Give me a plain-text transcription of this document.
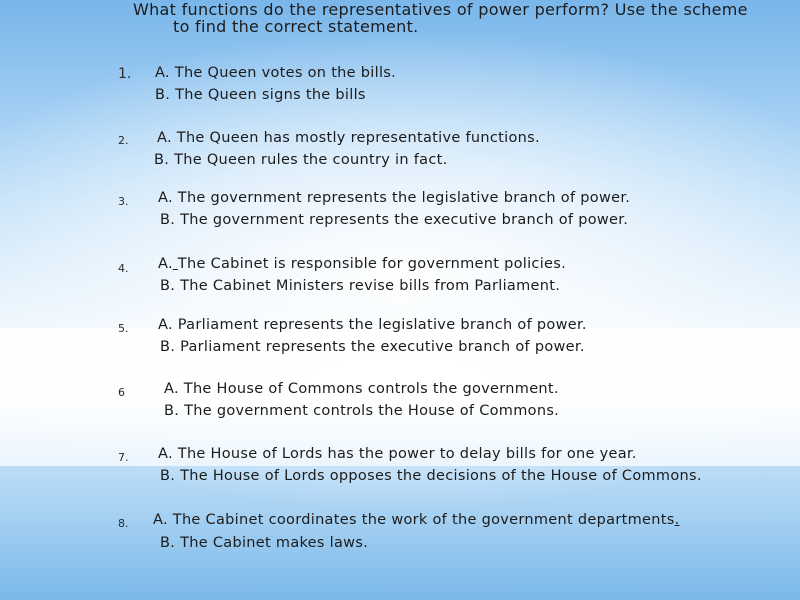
What functions do the representatives of power perform? Use the scheme
to find the correct statement.
1. A. The Queen votes on the bills.
B. The Queen signs the bills
2. A. The Queen has mostly representative functions.
B. The Queen rules the country in fact.
3. A. The government represents the legislative branch of power.
B. The government represents the executive branch of power.
4. A. The Cabinet is responsible for government policies.
B. The Cabinet Ministers revise bills from Parliament.
5. A. Parliament represents the legislative branch of power.
B. Parliament represents the executive branch of power.
6	A. The House of Commons controls the government.
B. The government controls the House of Commons.
7. A. The House of Lords has the power to delay bills for one year.
B. The House of Lords opposes the decisions of the House of Commons.
8. A. The Cabinet coordinates the work of the government departments.
B. The Cabinet makes laws.
